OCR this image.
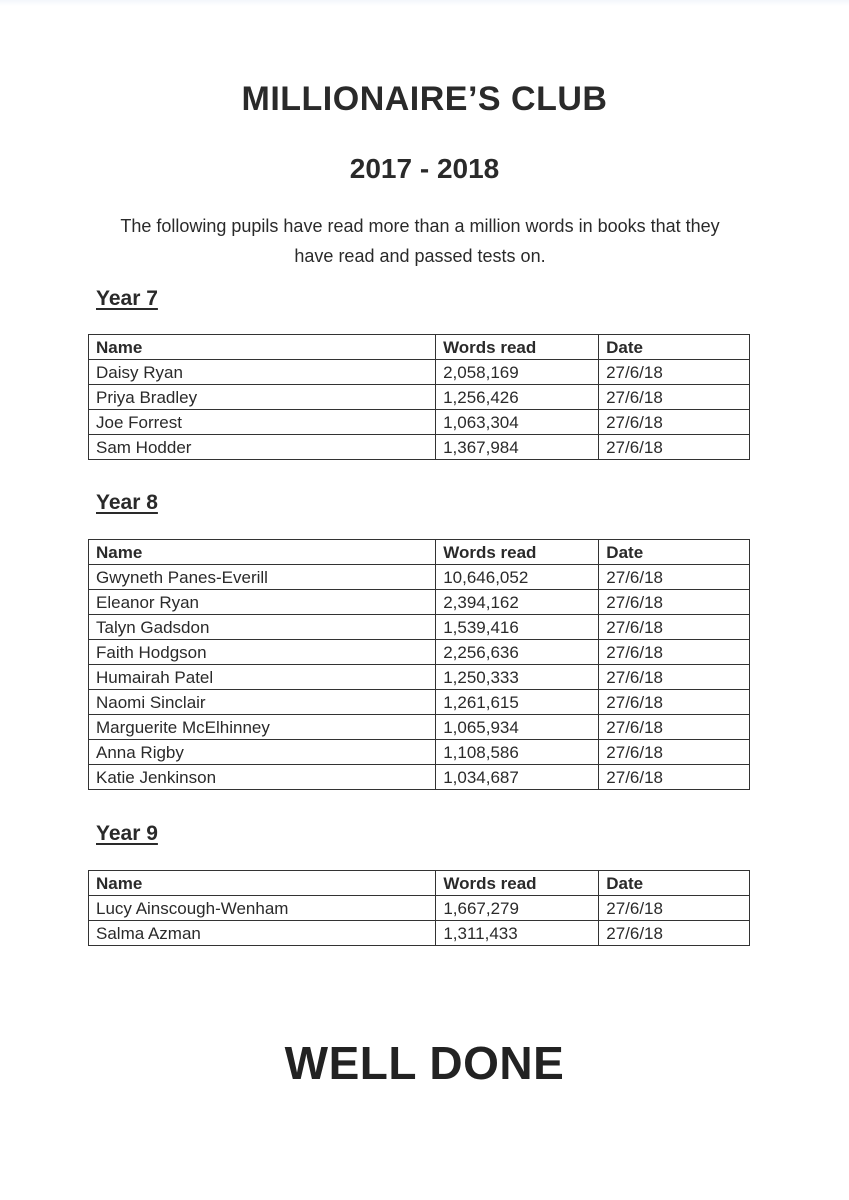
MILLIONAIRE’S CLUB
2017 - 2018
The following pupils have read more than a million words in books that they have read and passed tests on.
Year 7
Name	Words read	Date
Daisy Ryan	2,058,169	27/6/18
Priya Bradley	1,256,426	27/6/18
Joe Forrest	1,063,304	27/6/18
Sam Hodder	1,367,984	27/6/18
Year 8
Name	Words read	Date
Gwyneth Panes-Everill	10,646,052	27/6/18
Eleanor Ryan	2,394,162	27/6/18
Talyn Gadsdon	1,539,416	27/6/18
Faith Hodgson	2,256,636	27/6/18
Humairah Patel	1,250,333	27/6/18
Naomi Sinclair	1,261,615	27/6/18
Marguerite McElhinney	1,065,934	27/6/18
Anna Rigby	1,108,586	27/6/18
Katie Jenkinson	1,034,687	27/6/18
Year 9
Name	Words read	Date
Lucy Ainscough-Wenham	1,667,279	27/6/18
Salma Azman	1,311,433	27/6/18
WELL DONE
